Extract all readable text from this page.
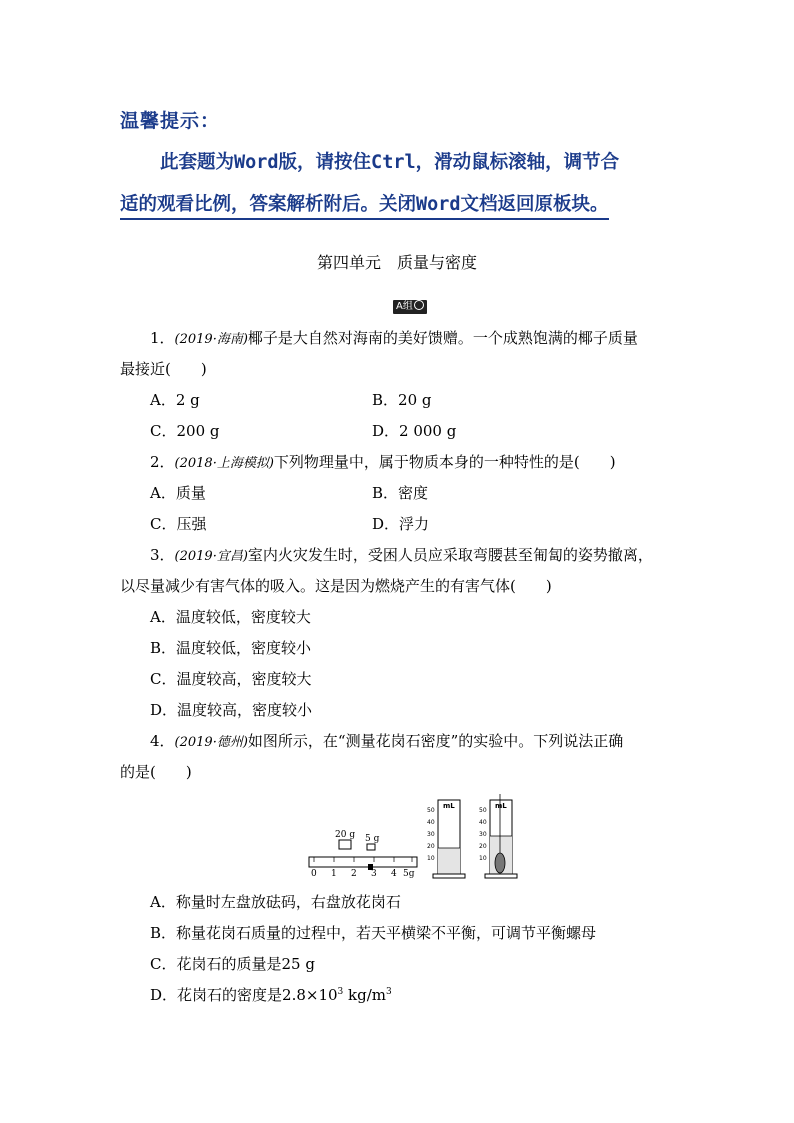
温馨提示：
此套题为Word版，请按住Ctrl，滑动鼠标滚轴，调节合
适的观看比例，答案解析附后。关闭Word文档返回原板块。
第四单元　质量与密度
A组
1．(2019·海南)椰子是大自然对海南的美好馈赠。一个成熟饱满的椰子质量
最接近(　　)
A．2 g	B．20 g
C．200 g	D．2 000 g
2．(2018·上海模拟)下列物理量中，属于物质本身的一种特性的是(　　)
A．质量	B．密度
C．压强	D．浮力
3．(2019·宜昌)室内火灾发生时，受困人员应采取弯腰甚至匍匐的姿势撤离，
以尽量减少有害气体的吸入。这是因为燃烧产生的有害气体(　　)
A．温度较低，密度较大
B．温度较低，密度较小
C．温度较高，密度较大
D．温度较高，密度较小
4．(2019·德州)如图所示，在“测量花岗石密度”的实验中。下列说法正确
的是(　　)
20 g 5 g
0 1 2 3 4 5g
mL
50
40
30
20
10
mL
50
40
30
20
10
A．称量时左盘放砝码，右盘放花岗石
B．称量花岗石质量的过程中，若天平横梁不平衡，可调节平衡螺母
C．花岗石的质量是25 g
D．花岗石的密度是$2.8\times 10^3$ $kg/m^3$
